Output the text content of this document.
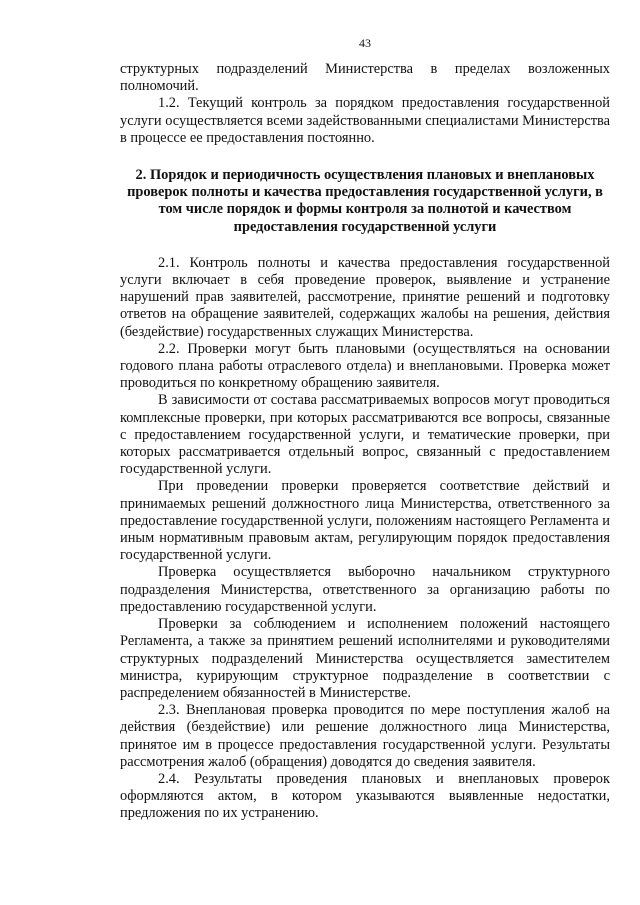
43

структурных подразделений Министерства в пределах возложенных полномочий.

1.2. Текущий контроль за порядком предоставления государственной услуги осуществляется всеми задействованными специалистами Министерства в процессе ее предоставления постоянно.

2. Порядок и периодичность осуществления плановых и внеплановых проверок полноты и качества предоставления государственной услуги, в том числе порядок и формы контроля за полнотой и качеством предоставления государственной услуги

2.1. Контроль полноты и качества предоставления государственной услуги включает в себя проведение проверок, выявление и устранение нарушений прав заявителей, рассмотрение, принятие решений и подготовку ответов на обращение заявителей, содержащих жалобы на решения, действия (бездействие) государственных служащих Министерства.

2.2. Проверки могут быть плановыми (осуществляться на основании годового плана работы отраслевого отдела) и внеплановыми. Проверка может проводиться по конкретному обращению заявителя.

В зависимости от состава рассматриваемых вопросов могут проводиться комплексные проверки, при которых рассматриваются все вопросы, связанные с предоставлением государственной услуги, и тематические проверки, при которых рассматривается отдельный вопрос, связанный с предоставлением государственной услуги.

При проведении проверки проверяется соответствие действий и принимаемых решений должностного лица Министерства, ответственного за предоставление государственной услуги, положениям настоящего Регламента и иным нормативным правовым актам, регулирующим порядок предоставления государственной услуги.

Проверка осуществляется выборочно начальником структурного подразделения Министерства, ответственного за организацию работы по предоставлению государственной услуги.

Проверки за соблюдением и исполнением положений настоящего Регламента, а также за принятием решений исполнителями и руководителями структурных подразделений Министерства осуществляется заместителем министра, курирующим структурное подразделение в соответствии с распределением обязанностей в Министерстве.

2.3. Внеплановая проверка проводится по мере поступления жалоб на действия (бездействие) или решение должностного лица Министерства, принятое им в процессе предоставления государственной услуги. Результаты рассмотрения жалоб (обращения) доводятся до сведения заявителя.

2.4. Результаты проведения плановых и внеплановых проверок оформляются актом, в котором указываются выявленные недостатки, предложения по их устранению.
